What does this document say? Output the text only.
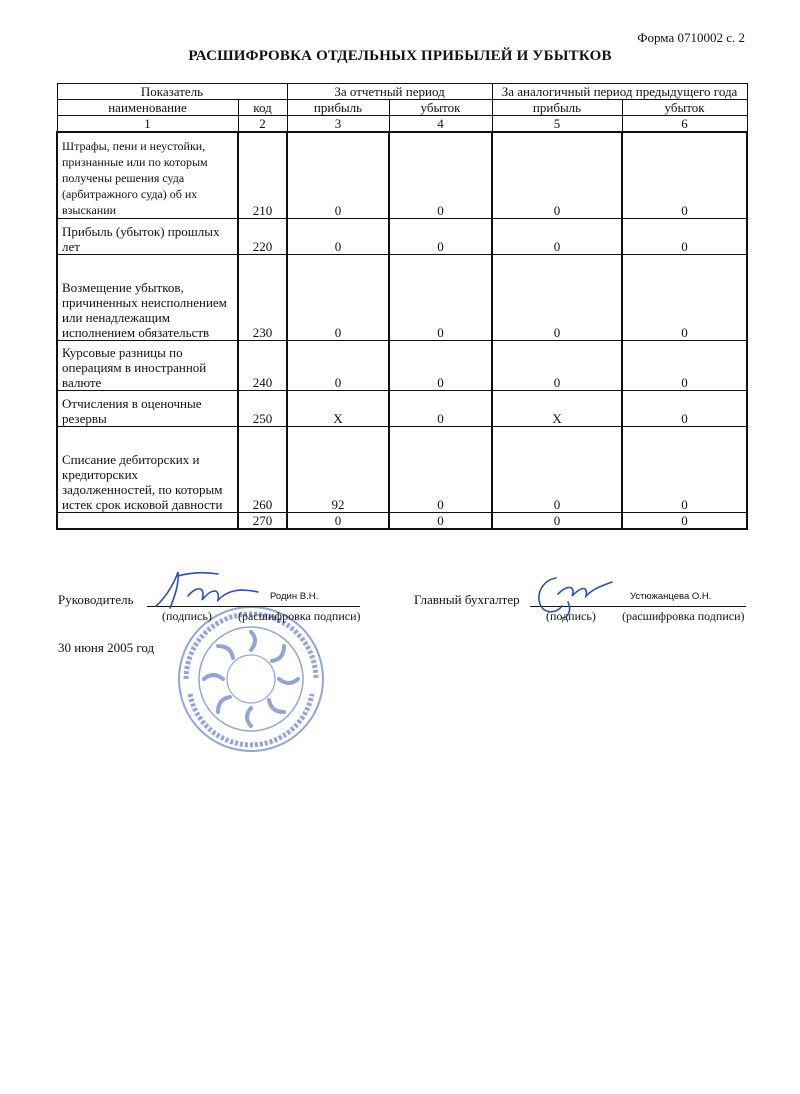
Форма 0710002 с. 2
РАСШИФРОВКА ОТДЕЛЬНЫХ ПРИБЫЛЕЙ И УБЫТКОВ
Показатель		За отчетный период		За аналогичный период предыдущего года	
наименование	код	прибыль	убыток	прибыль	убыток
1	2	3	4	5	6
Штрафы, пени и неустойки, признанные или по которым получены решения суда (арбитражного суда) об их взыскании	210	0	0	0	0
Прибыль (убыток) прошлых лет	220	0	0	0	0
Возмещение убытков, причиненных неисполнением или ненадлежащим исполнением обязательств	230	0	0	0	0
Курсовые разницы по операциям в иностранной валюте	240	0	0	0	0
Отчисления в оценочные резервы	250	Х	0	Х	0
Списание дебиторских и кредиторских задолженностей, по которым истек срок исковой давности	260	92	0	0	0
	270	0	0	0	0
Руководитель	Родин В.Н.
(подпись) (расшифровка подписи)
Главный бухгалтер	Устюжанцева О.Н.
(подпись) (расшифровка подписи)
30 июня 2005 год
